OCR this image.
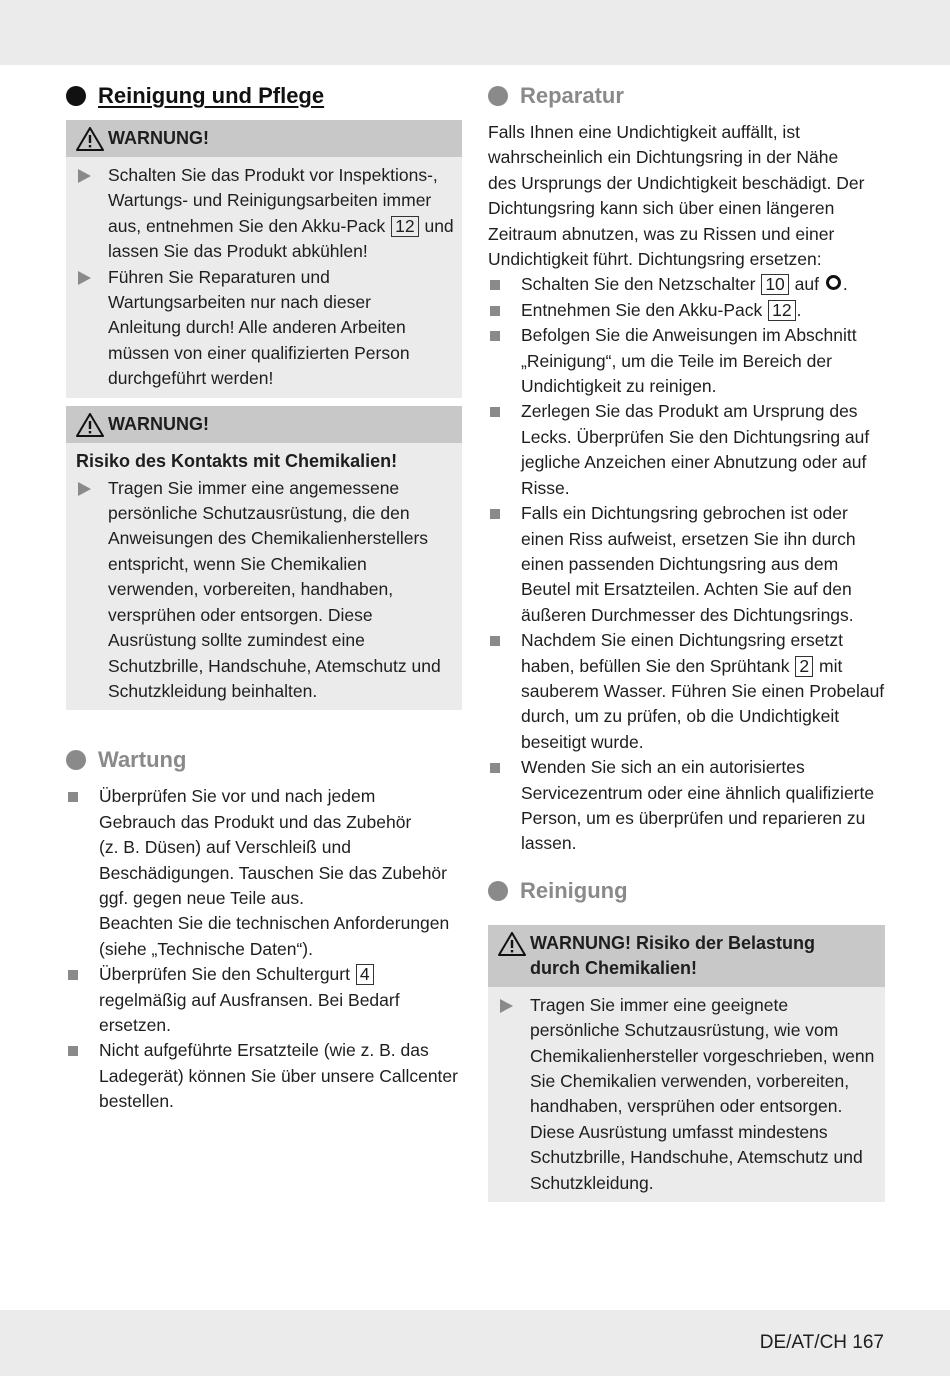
Reinigung und Pflege
WARNUNG!
Schalten Sie das Produkt vor Inspektions-,
Wartungs- und Reinigungsarbeiten immer
aus, entnehmen Sie den Akku-Pack 12 und
lassen Sie das Produkt abkühlen!
Führen Sie Reparaturen und
Wartungsarbeiten nur nach dieser
Anleitung durch! Alle anderen Arbeiten
müssen von einer qualifizierten Person
durchgeführt werden!
WARNUNG!
Risiko des Kontakts mit Chemikalien!
Tragen Sie immer eine angemessene
persönliche Schutzausrüstung, die den
Anweisungen des Chemikalienherstellers
entspricht, wenn Sie Chemikalien
verwenden, vorbereiten, handhaben,
versprühen oder entsorgen. Diese
Ausrüstung sollte zumindest eine
Schutzbrille, Handschuhe, Atemschutz und
Schutzkleidung beinhalten.
Wartung
Überprüfen Sie vor und nach jedem
Gebrauch das Produkt und das Zubehör
(z. B. Düsen) auf Verschleiß und
Beschädigungen. Tauschen Sie das Zubehör
ggf. gegen neue Teile aus.
Beachten Sie die technischen Anforderungen
(siehe „Technische Daten“).
Überprüfen Sie den Schultergurt 4
regelmäßig auf Ausfransen. Bei Bedarf
ersetzen.
Nicht aufgeführte Ersatzteile (wie z. B. das
Ladegerät) können Sie über unsere Callcenter
bestellen.
Reparatur

Falls Ihnen eine Undichtigkeit auffällt, ist
wahrscheinlich ein Dichtungsring in der Nähe
des Ursprungs der Undichtigkeit beschädigt. Der
Dichtungsring kann sich über einen längeren
Zeitraum abnutzen, was zu Rissen und einer
Undichtigkeit führt. Dichtungsring ersetzen:

Schalten Sie den Netzschalter 10 auf .
Entnehmen Sie den Akku-Pack 12 .
Befolgen Sie die Anweisungen im Abschnitt
„Reinigung“, um die Teile im Bereich der
Undichtigkeit zu reinigen.
Zerlegen Sie das Produkt am Ursprung des
Lecks. Überprüfen Sie den Dichtungsring auf
jegliche Anzeichen einer Abnutzung oder auf
Risse.
Falls ein Dichtungsring gebrochen ist oder
einen Riss aufweist, ersetzen Sie ihn durch
einen passenden Dichtungsring aus dem
Beutel mit Ersatzteilen. Achten Sie auf den
äußeren Durchmesser des Dichtungsrings.
Nachdem Sie einen Dichtungsring ersetzt
haben, befüllen Sie den Sprühtank 2 mit
sauberem Wasser. Führen Sie einen Probelauf
durch, um zu prüfen, ob die Undichtigkeit
beseitigt wurde.
Wenden Sie sich an ein autorisiertes
Servicezentrum oder eine ähnlich qualifizierte
Person, um es überprüfen und reparieren zu
lassen.
Reinigung
WARNUNG! Risiko der Belastung
durch Chemikalien!
Tragen Sie immer eine geeignete
persönliche Schutzausrüstung, wie vom
Chemikalienhersteller vorgeschrieben, wenn
Sie Chemikalien verwenden, vorbereiten,
handhaben, versprühen oder entsorgen.
Diese Ausrüstung umfasst mindestens
Schutzbrille, Handschuhe, Atemschutz und
Schutzkleidung.
DE/AT/CH 167
